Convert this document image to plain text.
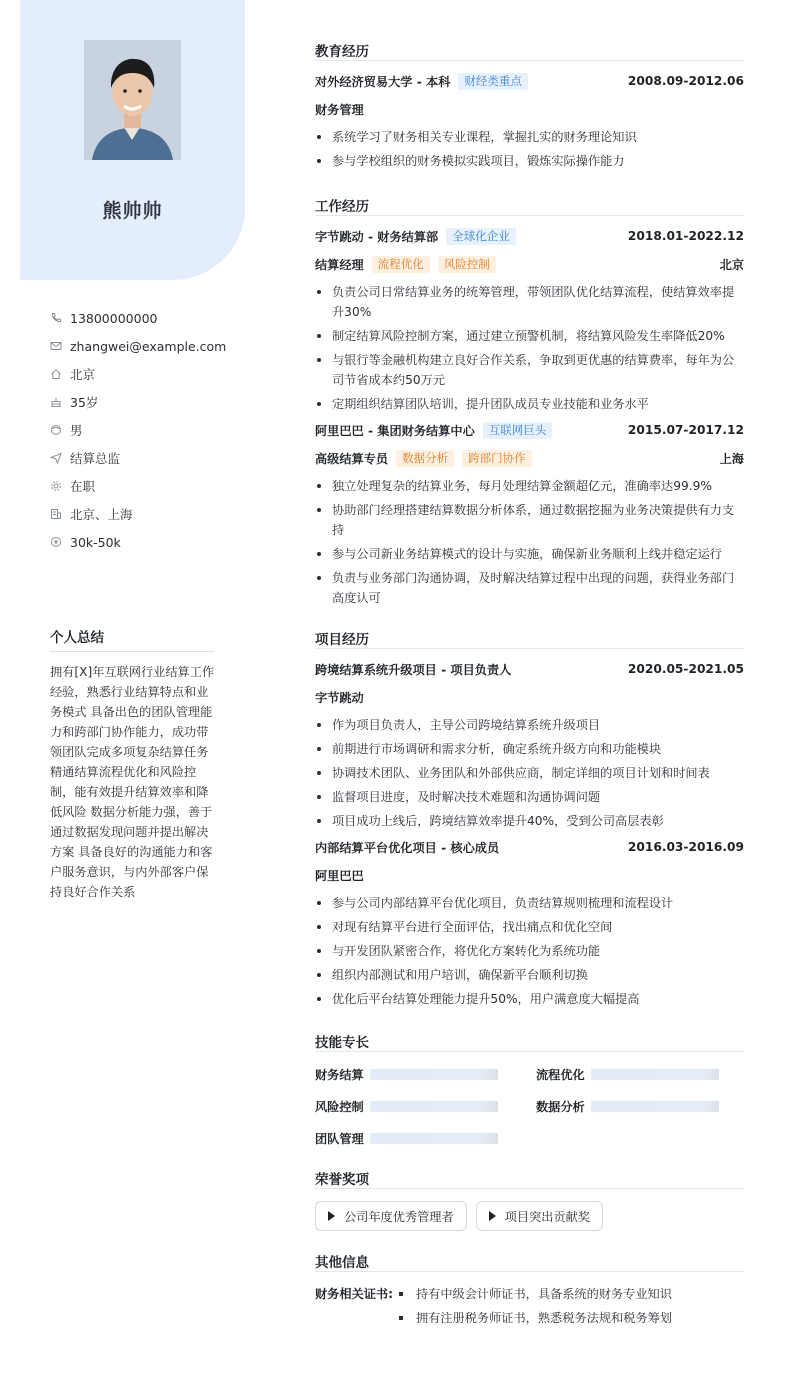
熊帅帅
13800000000
zhangwei@example.com
北京
35岁
男
结算总监
在职
北京、上海
30k-50k
个人总结
拥有[X]年互联网行业结算工作经验，熟悉行业结算特点和业务模式 具备出色的团队管理能力和跨部门协作能力，成功带领团队完成多项复杂结算任务 精通结算流程优化和风险控制，能有效提升结算效率和降低风险 数据分析能力强，善于通过数据发现问题并提出解决方案 具备良好的沟通能力和客户服务意识，与内外部客户保持良好合作关系
教育经历
对外经济贸易大学 - 本科	财经类重点	2008.09-2012.06
财务管理
系统学习了财务相关专业课程，掌握扎实的财务理论知识
参与学校组织的财务模拟实践项目，锻炼实际操作能力
工作经历
字节跳动 - 财务结算部	全球化企业	2018.01-2022.12
结算经理	流程优化	风险控制	北京
负责公司日常结算业务的统筹管理，带领团队优化结算流程，使结算效率提升30%
制定结算风险控制方案，通过建立预警机制，将结算风险发生率降低20%
与银行等金融机构建立良好合作关系，争取到更优惠的结算费率，每年为公司节省成本约50万元
定期组织结算团队培训，提升团队成员专业技能和业务水平
阿里巴巴 - 集团财务结算中心	互联网巨头	2015.07-2017.12
高级结算专员	数据分析	跨部门协作	上海
独立处理复杂的结算业务，每月处理结算金额超亿元，准确率达99.9%
协助部门经理搭建结算数据分析体系，通过数据挖掘为业务决策提供有力支持
参与公司新业务结算模式的设计与实施，确保新业务顺利上线并稳定运行
负责与业务部门沟通协调，及时解决结算过程中出现的问题，获得业务部门高度认可
项目经历
跨境结算系统升级项目 - 项目负责人	2020.05-2021.05
字节跳动
作为项目负责人，主导公司跨境结算系统升级项目
前期进行市场调研和需求分析，确定系统升级方向和功能模块
协调技术团队、业务团队和外部供应商，制定详细的项目计划和时间表
监督项目进度，及时解决技术难题和沟通协调问题
项目成功上线后，跨境结算效率提升40%，受到公司高层表彰
内部结算平台优化项目 - 核心成员	2016.03-2016.09
阿里巴巴
参与公司内部结算平台优化项目，负责结算规则梳理和流程设计
对现有结算平台进行全面评估，找出痛点和优化空间
与开发团队紧密合作，将优化方案转化为系统功能
组织内部测试和用户培训，确保新平台顺利切换
优化后平台结算处理能力提升50%，用户满意度大幅提高
技能专长
财务结算	流程优化
风险控制	数据分析
团队管理
荣誉奖项
公司年度优秀管理者	项目突出贡献奖
其他信息
财务相关证书:	持有中级会计师证书，具备系统的财务专业知识
拥有注册税务师证书，熟悉税务法规和税务筹划
